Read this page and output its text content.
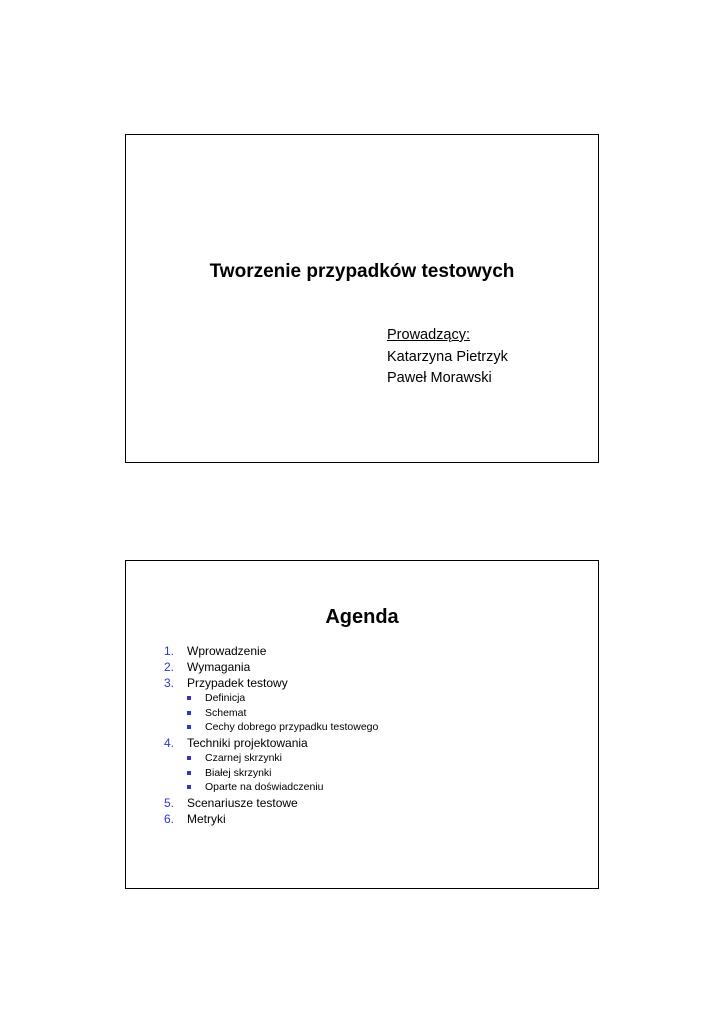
Tworzenie przypadków testowych
Prowadzący:
Katarzyna Pietrzyk
Paweł Morawski
Agenda
1. Wprowadzenie
2. Wymagania
3. Przypadek testowy
Definicja
Schemat
Cechy dobrego przypadku testowego
4. Techniki projektowania
Czarnej skrzynki
Białej skrzynki
Oparte na doświadczeniu
5. Scenariusze testowe
6. Metryki
